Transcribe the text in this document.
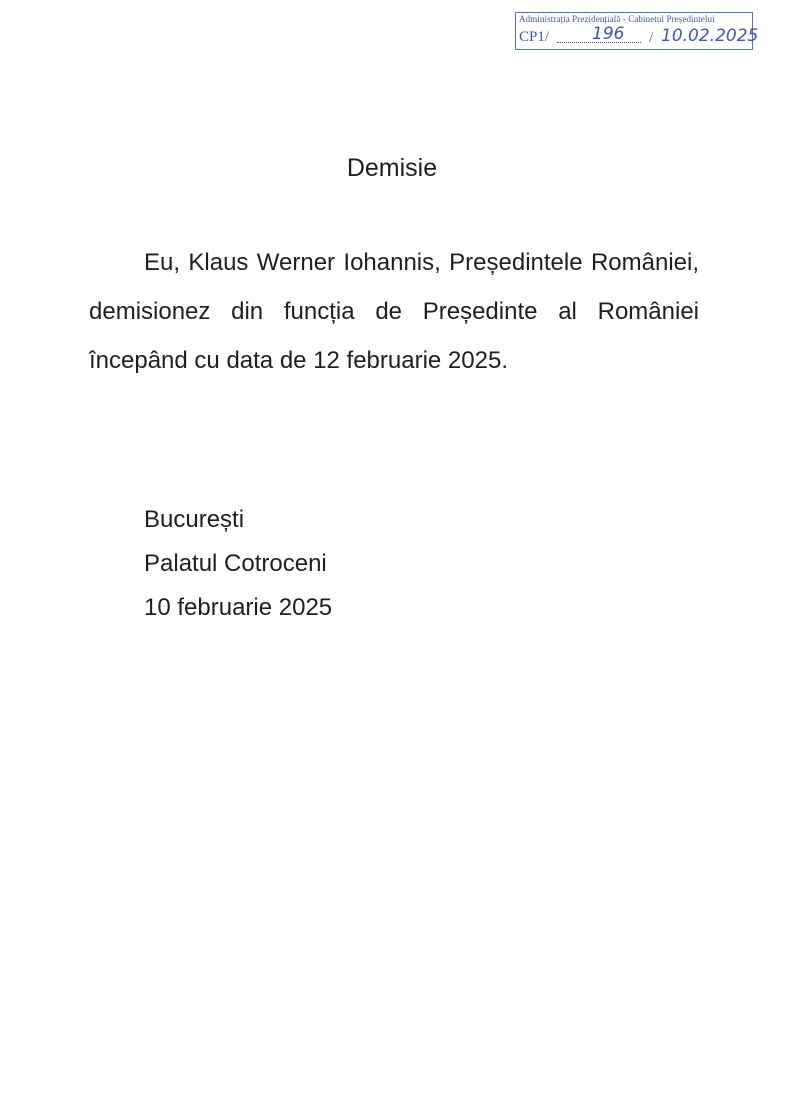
Administrația Prezidențială - Cabinetul Președintelui
CP1/	196 / 10.02.2025
Demisie
Eu, Klaus Werner Iohannis, Președintele României, demisionez din funcția de Președinte al României începând cu data de 12 februarie 2025.
București
Palatul Cotroceni
10 februarie 2025
